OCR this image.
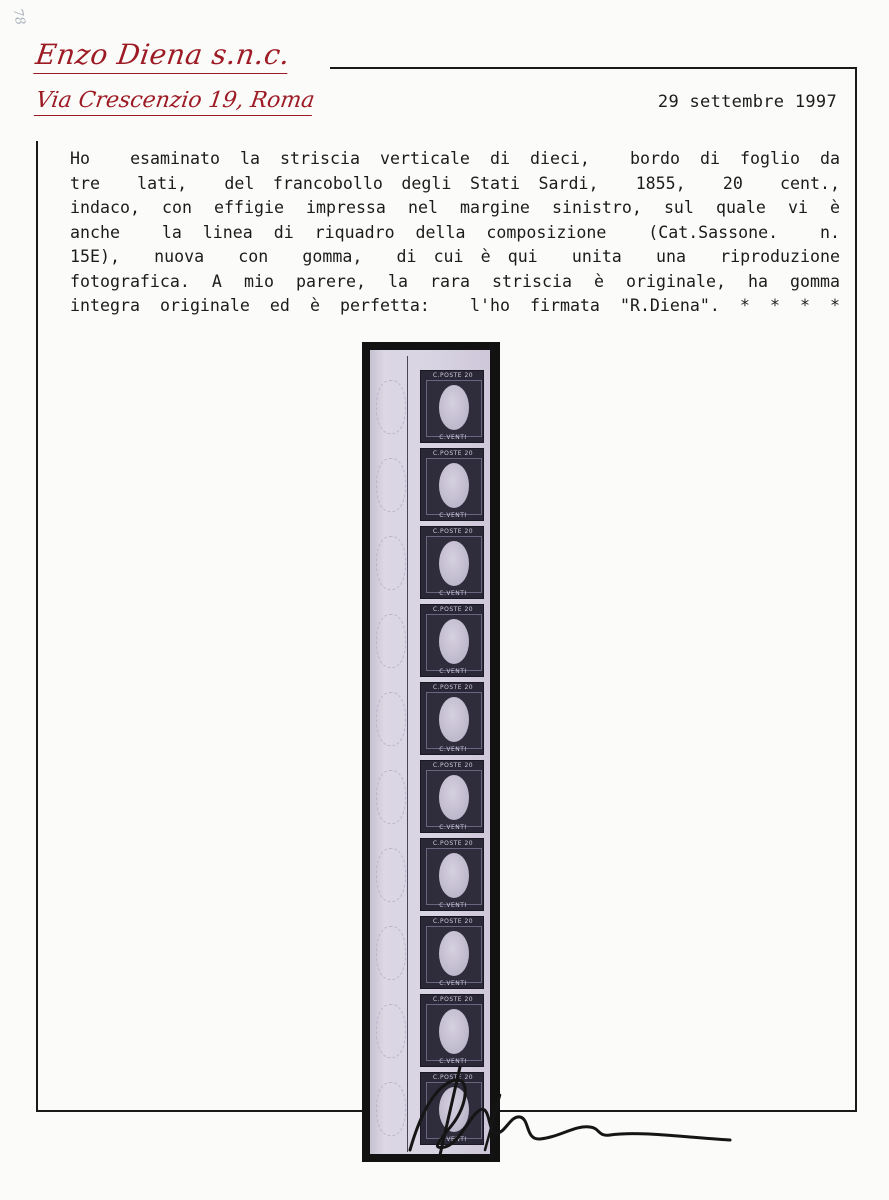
78
Enzo Diena s.n.c.
Via Crescenzio 19, Roma	29 settembre 1997
Ho  esaminato la striscia verticale di dieci,  bordo di foglio da
tre  lati,  del francobollo degli Stati Sardi,  1855,  20  cent.,
indaco, con effigie impressa nel margine sinistro, sul quale vi è
anche  la linea di riquadro della composizione  (Cat.Sassone.  n.
15E),  nuova  con  gomma,  di cui è qui  unita  una  riproduzione
fotografica. A mio parere, la rara striscia è originale, ha gomma
integra originale ed è perfetta:  l'ho firmata "R.Diena". * * * *
C.POSTE 20
C.VENTI
C.POSTE 20
C.VENTI
C.POSTE 20
C.VENTI
C.POSTE 20
C.VENTI
C.POSTE 20
C.VENTI
C.POSTE 20
C.VENTI
C.POSTE 20
C.VENTI
C.POSTE 20
C.VENTI
C.POSTE 20
C.VENTI
C.POSTE 20
C.VENTI
